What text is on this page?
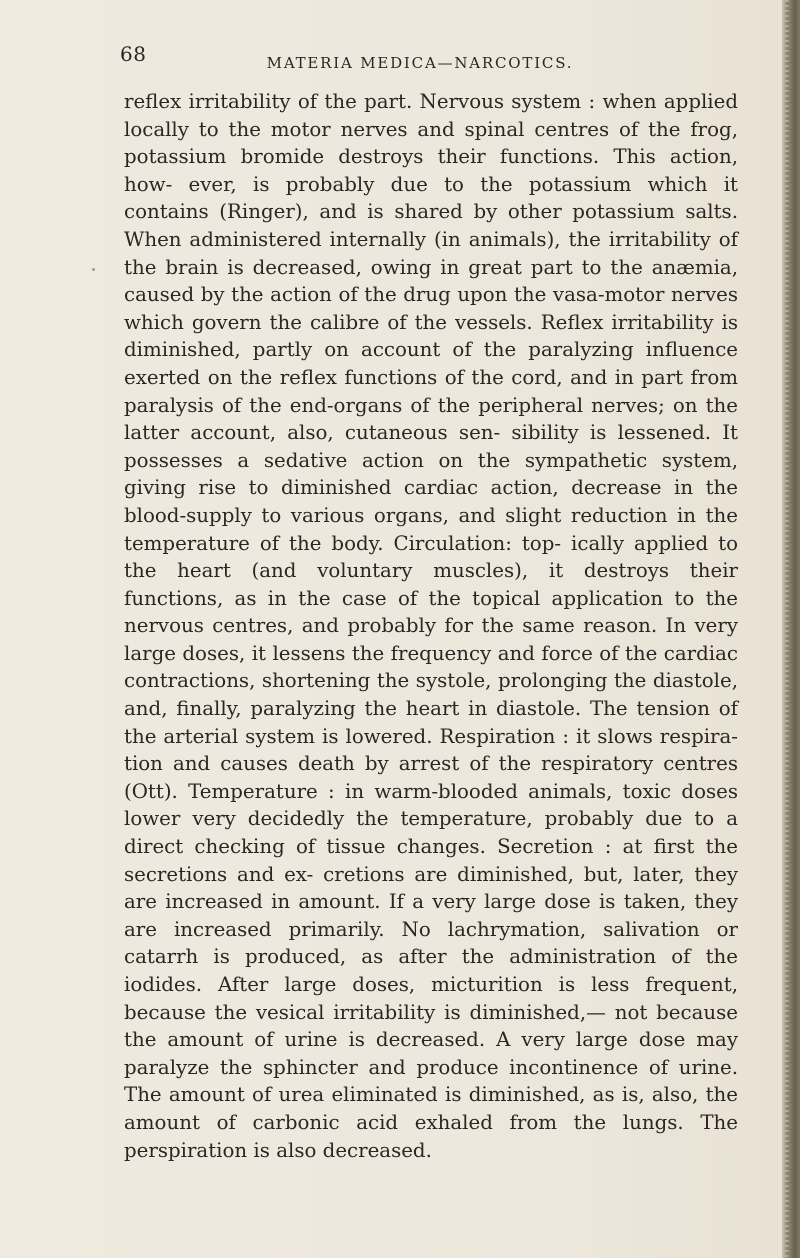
68	MATERIA MEDICA—NARCOTICS.

reflex irritability of the part. Nervous system : when applied locally to the motor nerves and spinal centres of the frog, potassium bromide destroys their functions. This action, how- ever, is probably due to the potassium which it contains (Ringer), and is shared by other potassium salts. When administered internally (in animals), the irritability of the brain is decreased, owing in great part to the anæmia, caused by the action of the drug upon the vasa-motor nerves which govern the calibre of the vessels. Reflex irritability is diminished, partly on account of the paralyzing influence exerted on the reflex functions of the cord, and in part from paralysis of the end-organs of the peripheral nerves; on the latter account, also, cutaneous sen- sibility is lessened. It possesses a sedative action on the sympathetic system, giving rise to diminished cardiac action, decrease in the blood-supply to various organs, and slight reduction in the temperature of the body. Circulation: top- ically applied to the heart (and voluntary muscles), it destroys their functions, as in the case of the topical application to the nervous centres, and probably for the same reason. In very large doses, it lessens the frequency and force of the cardiac contractions, shortening the systole, prolonging the diastole, and, finally, paralyzing the heart in diastole. The tension of the arterial system is lowered. Respiration : it slows respira- tion and causes death by arrest of the respiratory centres (Ott). Temperature : in warm-blooded animals, toxic doses lower very decidedly the temperature, probably due to a direct checking of tissue changes. Secretion : at first the secretions and ex- cretions are diminished, but, later, they are increased in amount. If a very large dose is taken, they are increased primarily. No lachrymation, salivation or catarrh is produced, as after the administration of the iodides. After large doses, micturition is less frequent, because the vesical irritability is diminished,— not because the amount of urine is decreased. A very large dose may paralyze the sphincter and produce incontinence of urine. The amount of urea eliminated is diminished, as is, also, the amount of carbonic acid exhaled from the lungs. The perspiration is also decreased.
